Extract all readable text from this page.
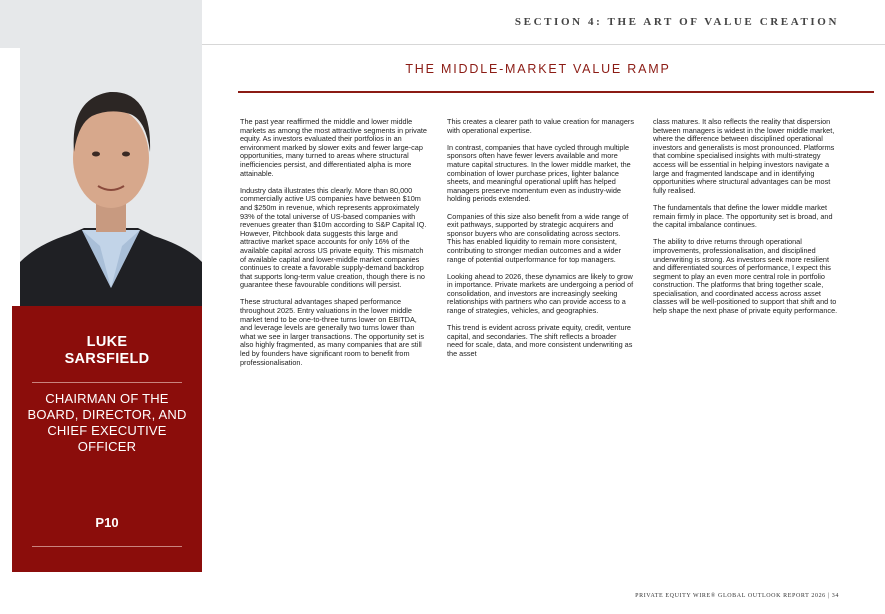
LUKE
SARSFIELD
CHAIRMAN OF THE BOARD, DIRECTOR, AND CHIEF EXECUTIVE OFFICER
P10
SECTION 4: THE ART OF VALUE CREATION
THE MIDDLE-MARKET VALUE RAMP

The past year reaffirmed the middle and lower middle markets as among the most attractive segments in private equity. As investors evaluated their portfolios in an environment marked by slower exits and fewer large-cap opportunities, many turned to areas where structural inefficiencies persist, and differentiated alpha is more attainable.

Industry data illustrates this clearly. More than 80,000 commercially active US companies have between $10m and $250m in revenue, which represents approximately 93% of the total universe of US-based companies with revenues greater than $10m according to S&P Capital IQ. However, Pitchbook data suggests this large and attractive market space accounts for only 16% of the available capital across US private equity. This mismatch of available capital and lower-middle market companies continues to create a favorable supply-demand backdrop that supports long-term value creation, though there is no guarantee these favourable conditions will persist.

These structural advantages shaped performance throughout 2025. Entry valuations in the lower middle market tend to be one-to-three turns lower on EBITDA, and leverage levels are generally two turns lower than what we see in larger transactions. The opportunity set is also highly fragmented, as many companies that are still led by founders have significant room to benefit from professionalisation.

This creates a clearer path to value creation for managers with operational expertise.

In contrast, companies that have cycled through multiple sponsors often have fewer levers available and more mature capital structures. In the lower middle market, the combination of lower purchase prices, lighter balance sheets, and meaningful operational uplift has helped managers preserve momentum even as industry-wide holding periods extended.

Companies of this size also benefit from a wide range of exit pathways, supported by strategic acquirers and sponsor buyers who are consolidating across sectors. This has enabled liquidity to remain more consistent, contributing to stronger median outcomes and a wider range of potential outperformance for top managers.

Looking ahead to 2026, these dynamics are likely to grow in importance. Private markets are undergoing a period of consolidation, and investors are increasingly seeking relationships with partners who can provide access to a range of strategies, vehicles, and geographies.

This trend is evident across private equity, credit, venture capital, and secondaries. The shift reflects a broader need for scale, data, and more consistent underwriting as the asset

class matures. It also reflects the reality that dispersion between managers is widest in the lower middle market, where the difference between disciplined operational investors and generalists is most pronounced. Platforms that combine specialised insights with multi-strategy access will be essential in helping investors navigate a large and fragmented landscape and in identifying opportunities where structural advantages can be most fully realised.

The fundamentals that define the lower middle market remain firmly in place. The opportunity set is broad, and the capital imbalance continues.

The ability to drive returns through operational improvements, professionalisation, and disciplined underwriting is strong. As investors seek more resilient and differentiated sources of performance, I expect this segment to play an even more central role in portfolio construction. The platforms that bring together scale, specialisation, and coordinated access across asset classes will be well-positioned to support that shift and to help shape the next phase of private equity performance.

PRIVATE EQUITY WIRE® GLOBAL OUTLOOK REPORT 2026 | 34
